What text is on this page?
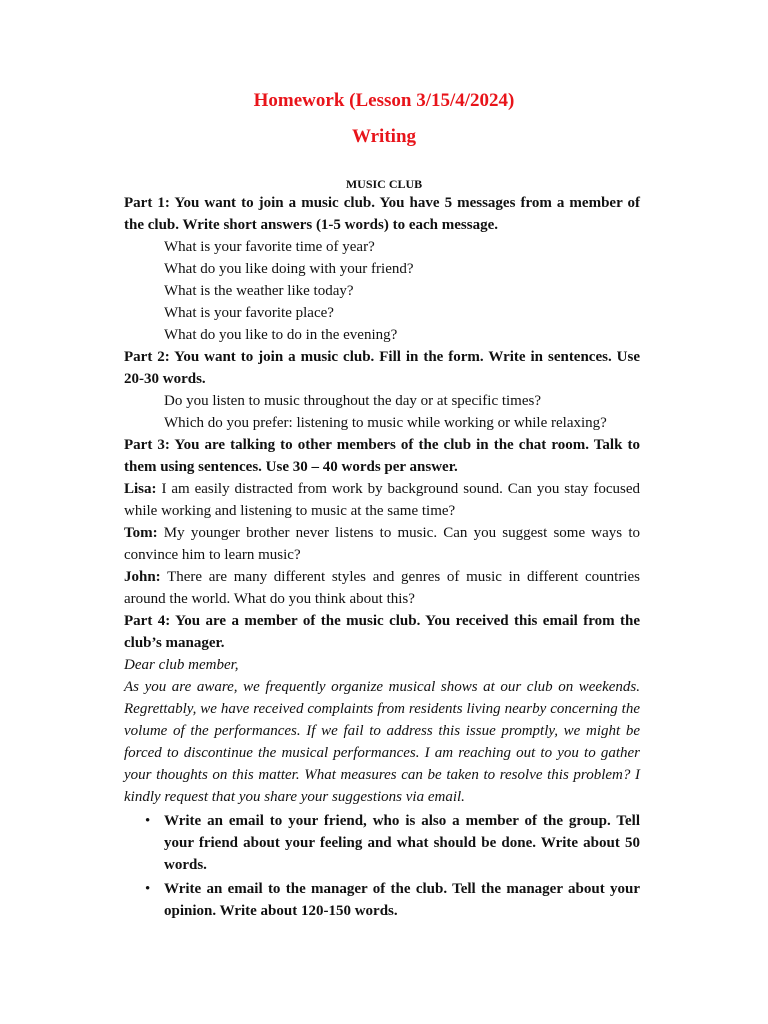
Homework (Lesson 3/15/4/2024)
Writing
MUSIC CLUB

Part 1: You want to join a music club. You have 5 messages from a member of the club. Write short answers (1-5 words) to each message.

What is your favorite time of year?

What do you like doing with your friend?

What is the weather like today?

What is your favorite place?

What do you like to do in the evening?

Part 2: You want to join a music club. Fill in the form. Write in sentences. Use 20-30 words.

Do you listen to music throughout the day or at specific times?

Which do you prefer: listening to music while working or while relaxing?

Part 3: You are talking to other members of the club in the chat room. Talk to them using sentences. Use 30 – 40 words per answer.

Lisa: I am easily distracted from work by background sound. Can you stay focused while working and listening to music at the same time?

Tom: My younger brother never listens to music. Can you suggest some ways to convince him to learn music?

John: There are many different styles and genres of music in different countries around the world. What do you think about this?

Part 4: You are a member of the music club. You received this email from the club’s manager.

Dear club member,

As you are aware, we frequently organize musical shows at our club on weekends. Regrettably, we have received complaints from residents living nearby concerning the volume of the performances. If we fail to address this issue promptly, we might be forced to discontinue the musical performances. I am reaching out to you to gather your thoughts on this matter. What measures can be taken to resolve this problem? I kindly request that you share your suggestions via email.

• Write an email to your friend, who is also a member of the group. Tell your friend about your feeling and what should be done. Write about 50 words.
• Write an email to the manager of the club. Tell the manager about your opinion. Write about 120-150 words.
